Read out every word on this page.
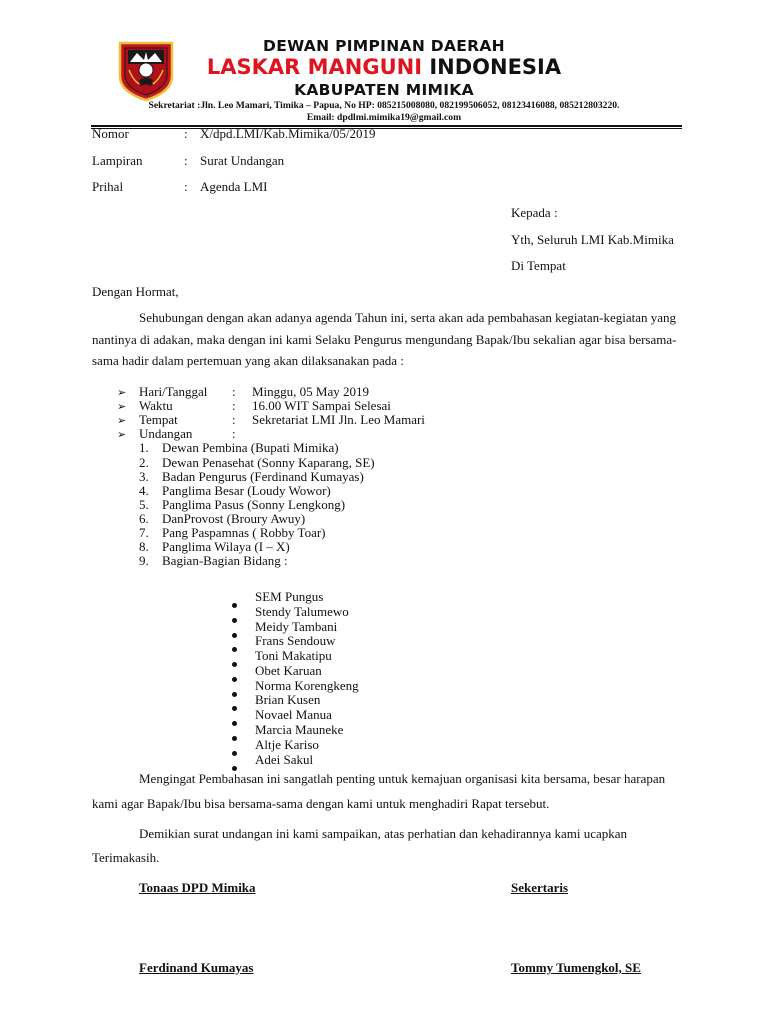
DEWAN PIMPINAN DAERAH
LASKAR MANGUNI INDONESIA
KABUPATEN MIMIKA
Sekretariat :Jln. Leo Mamari, Timika – Papua, No HP: 085215008080, 082199506052, 08123416088, 085212803220.
Email: dpdlmi.mimika19@gmail.com
Nomor	: X/dpd.LMI/Kab.Mimika/05/2019
Lampiran	: Surat Undangan
Prihal	: Agenda LMI
Kepada :
Yth, Seluruh LMI Kab.Mimika
Di Tempat
Dengan Hormat,
Sehubungan dengan akan adanya agenda Tahun ini, serta akan ada pembahasan kegiatan-kegiatan yang
nantinya di adakan, maka dengan ini kami Selaku Pengurus mengundang Bapak/Ibu sekalian agar bisa bersama-
sama hadir dalam pertemuan yang akan dilaksanakan pada :
➢ Hari/Tanggal : Minggu, 05 May 2019
➢ Waktu	: 16.00 WIT Sampai Selesai
➢ Tempat	: Sekretariat LMI Jln. Leo Mamari
➢ Undangan	:
1. Dewan Pembina (Bupati Mimika)
2. Dewan Penasehat (Sonny Kaparang, SE)
3. Badan Pengurus (Ferdinand Kumayas)
4. Panglima Besar (Loudy Wowor)
5. Panglima Pasus (Sonny Lengkong)
6. DanProvost (Broury Awuy)
7. Pang Paspamnas ( Robby Toar)
8. Panglima Wilaya (I – X)
9. Bagian-Bagian Bidang :
SEM Pungus
Stendy Talumewo
Meidy Tambani
Frans Sendouw
Toni Makatipu
Obet Karuan
Norma Korengkeng
Brian Kusen
Novael Manua
Marcia Mauneke
Altje Kariso
Adei Sakul
Mengingat Pembahasan ini sangatlah penting untuk kemajuan organisasi kita bersama, besar harapan
kami agar Bapak/Ibu bisa bersama-sama dengan kami untuk menghadiri Rapat tersebut.
Demikian surat undangan ini kami sampaikan, atas perhatian dan kehadirannya kami ucapkan
Terimakasih.
Tonaas DPD Mimika	Sekertaris
Ferdinand Kumayas	Tommy Tumengkol, SE
